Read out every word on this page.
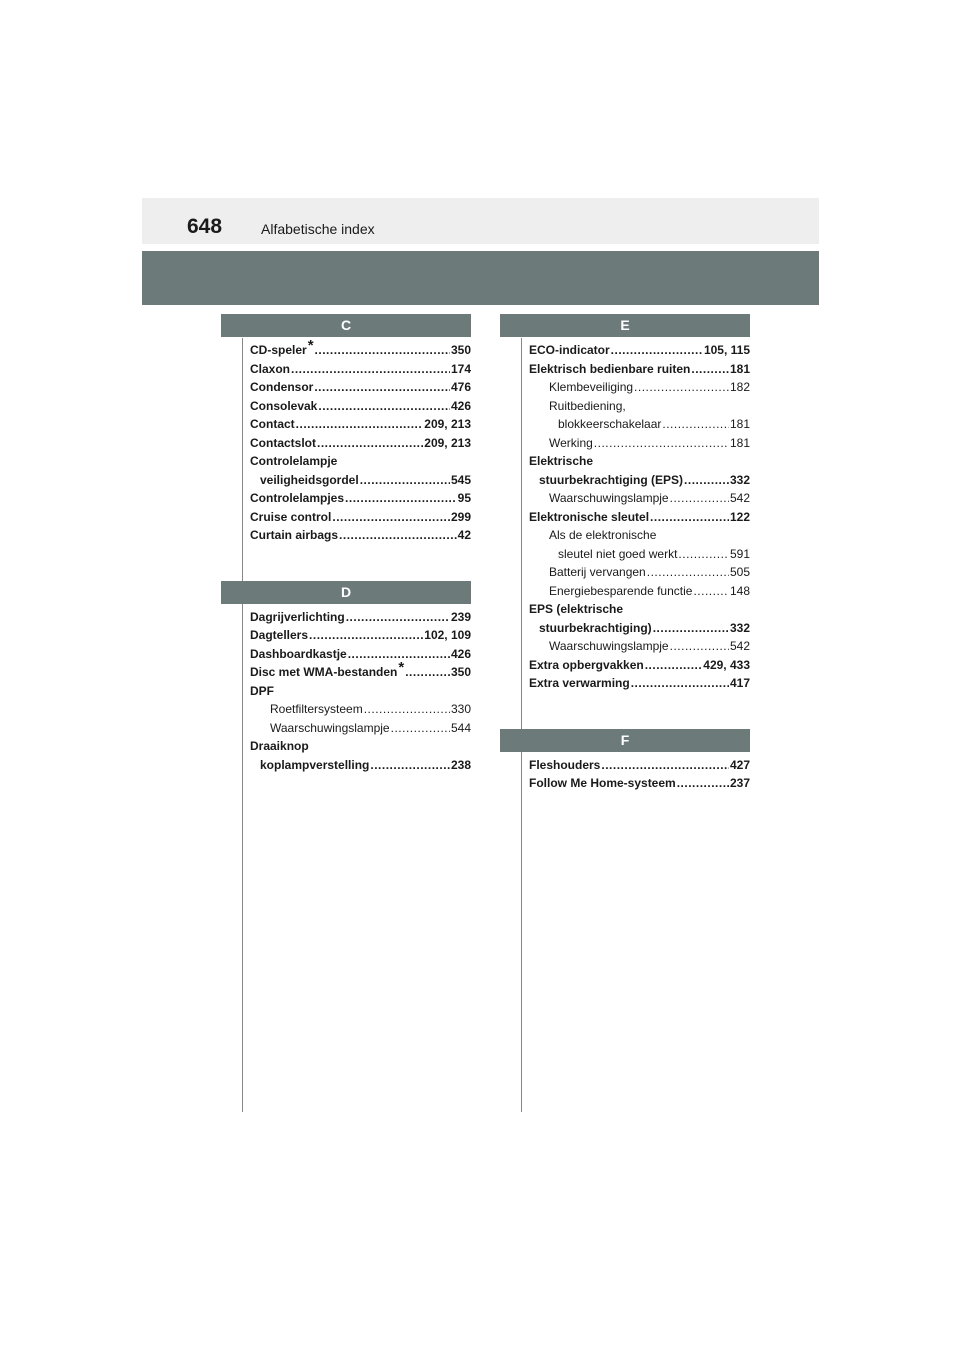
648	Alfabetische index
C
CD-speler* .....	350
Claxon .....	174
Condensor .....	476
Consolevak .....	426
Contact .....	209, 213
Contactslot .....	209, 213
Controlelampje
veiligheidsgordel .....	545
Controlelampjes .....	95
Cruise control .....	299
Curtain airbags .....	42
D
Dagrijverlichting .....	239
Dagtellers .....	102, 109
Dashboardkastje .....	426
Disc met WMA-bestanden* .....	350
DPF
Roetfiltersysteem .....	330
Waarschuwingslampje .....	544
Draaiknop
koplampverstelling .....	238
E
ECO-indicator .....	105, 115
Elektrisch bedienbare ruiten .....	181
Klembeveiliging .....	182
Ruitbediening,
blokkeerschakelaar .....	181
Werking .....	181
Elektrische
stuurbekrachtiging (EPS) .....	332
Waarschuwingslampje .....	542
Elektronische sleutel .....	122
Als de elektronische
sleutel niet goed werkt .....	591
Batterij vervangen .....	505
Energiebesparende functie .....	148
EPS (elektrische
stuurbekrachtiging) .....	332
Waarschuwingslampje .....	542
Extra opbergvakken .....	429, 433
Extra verwarming .....	417
F
Fleshouders .....	427
Follow Me Home-systeem .....	237
